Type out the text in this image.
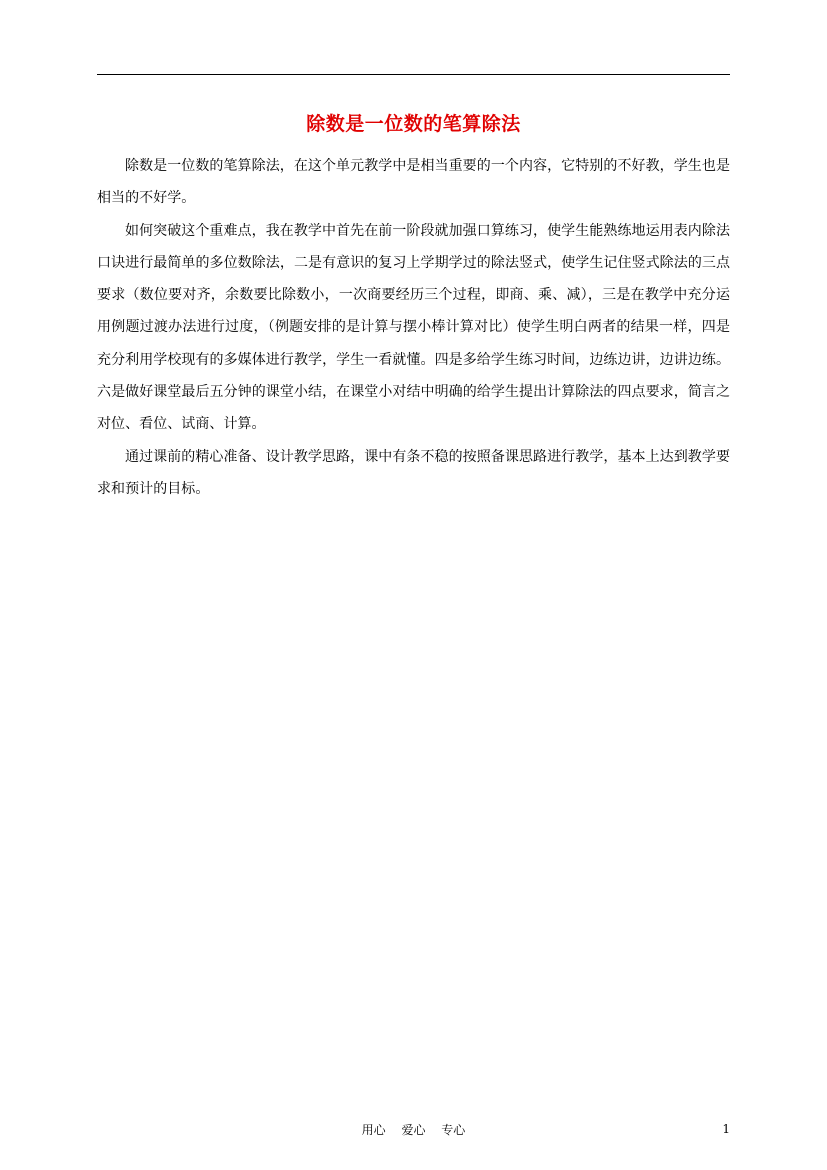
除数是一位数的笔算除法

除数是一位数的笔算除法，在这个单元教学中是相当重要的一个内容，它特别的不好教，学生也是相当的不好学。

如何突破这个重难点，我在教学中首先在前一阶段就加强口算练习，使学生能熟练地运用表内除法口诀进行最简单的多位数除法，二是有意识的复习上学期学过的除法竖式，使学生记住竖式除法的三点要求（数位要对齐，余数要比除数小，一次商要经历三个过程，即商、乘、减），三是在教学中充分运用例题过渡办法进行过度，（例题安排的是计算与摆小棒计算对比）使学生明白两者的结果一样，四是充分利用学校现有的多媒体进行教学，学生一看就懂。四是多给学生练习时间，边练边讲，边讲边练。六是做好课堂最后五分钟的课堂小结，在课堂小对结中明确的给学生提出计算除法的四点要求，简言之对位、看位、试商、计算。

通过课前的精心准备、设计教学思路，课中有条不稳的按照备课思路进行教学，基本上达到教学要求和预计的目标。

用心 爱心 专心	1
